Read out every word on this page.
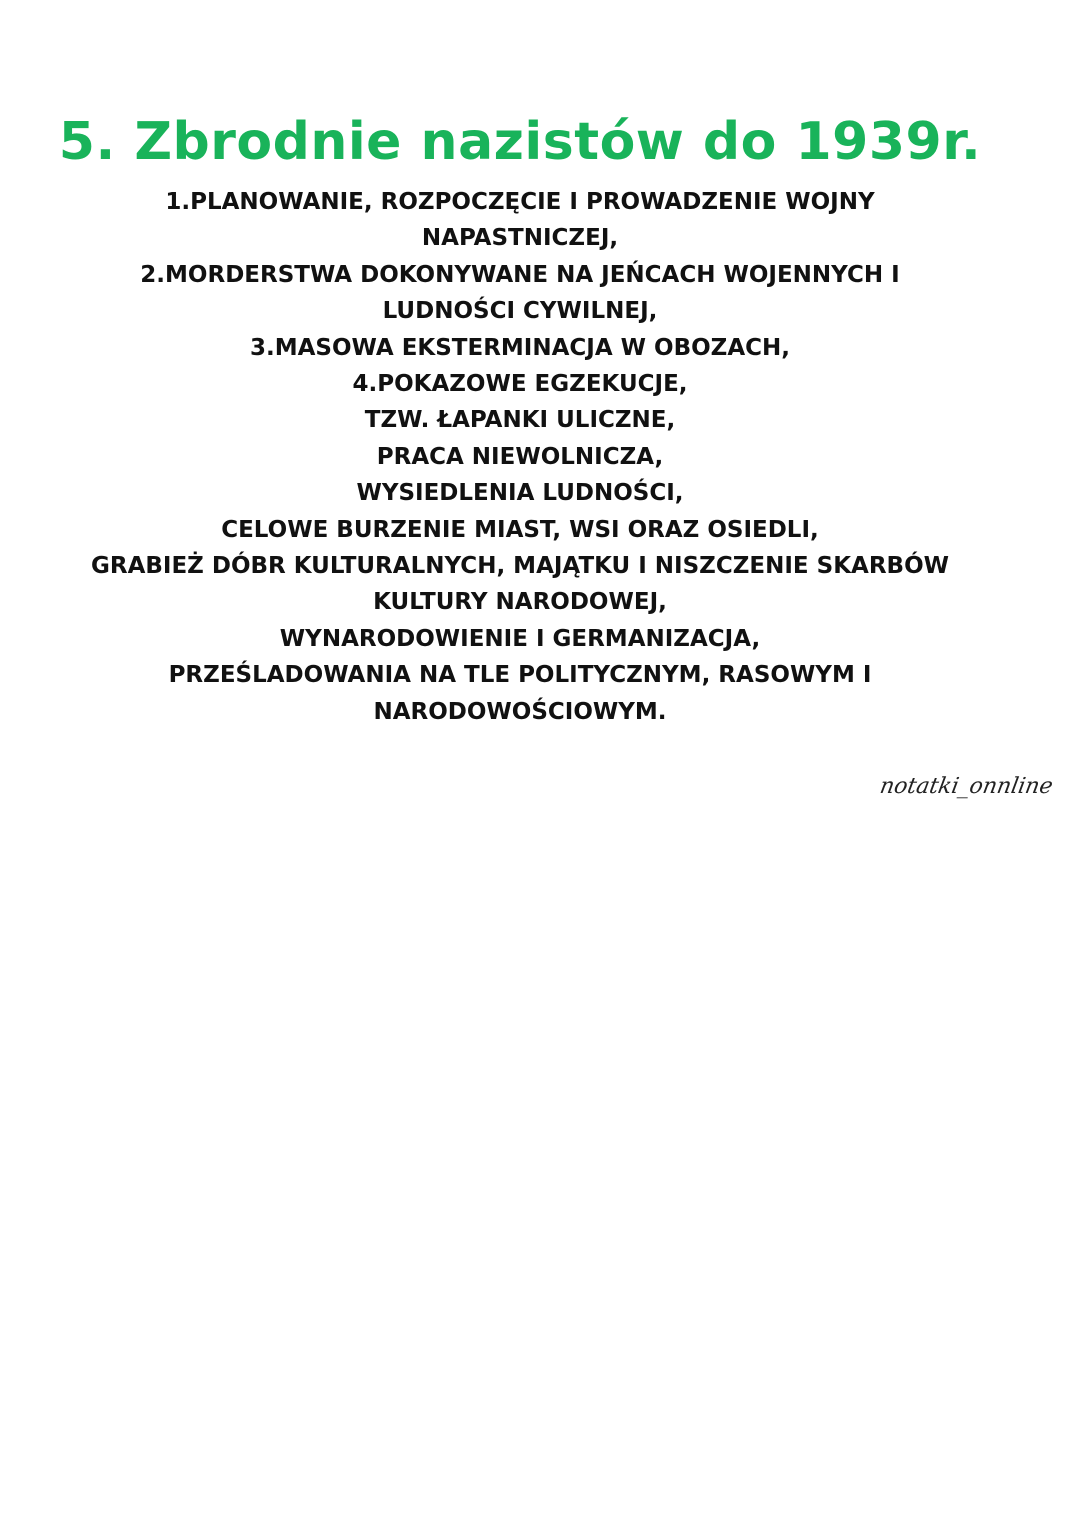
5. Zbrodnie nazistów do 1939r.
1.PLANOWANIE, ROZPOCZĘCIE I PROWADZENIE WOJNY
NAPASTNICZEJ,
2.MORDERSTWA DOKONYWANE NA JEŃCACH WOJENNYCH I
LUDNOŚCI CYWILNEJ,
3.MASOWA EKSTERMINACJA W OBOZACH,
4.POKAZOWE EGZEKUCJE,
TZW. ŁAPANKI ULICZNE,
PRACA NIEWOLNICZA,
WYSIEDLENIA LUDNOŚCI,
CELOWE BURZENIE MIAST, WSI ORAZ OSIEDLI,
GRABIEŻ DÓBR KULTURALNYCH, MAJĄTKU I NISZCZENIE SKARBÓW
KULTURY NARODOWEJ,
WYNARODOWIENIE I GERMANIZACJA,
PRZEŚLADOWANIA NA TLE POLITYCZNYM, RASOWYM I
NARODOWOŚCIOWYM.
notatki_onnline
